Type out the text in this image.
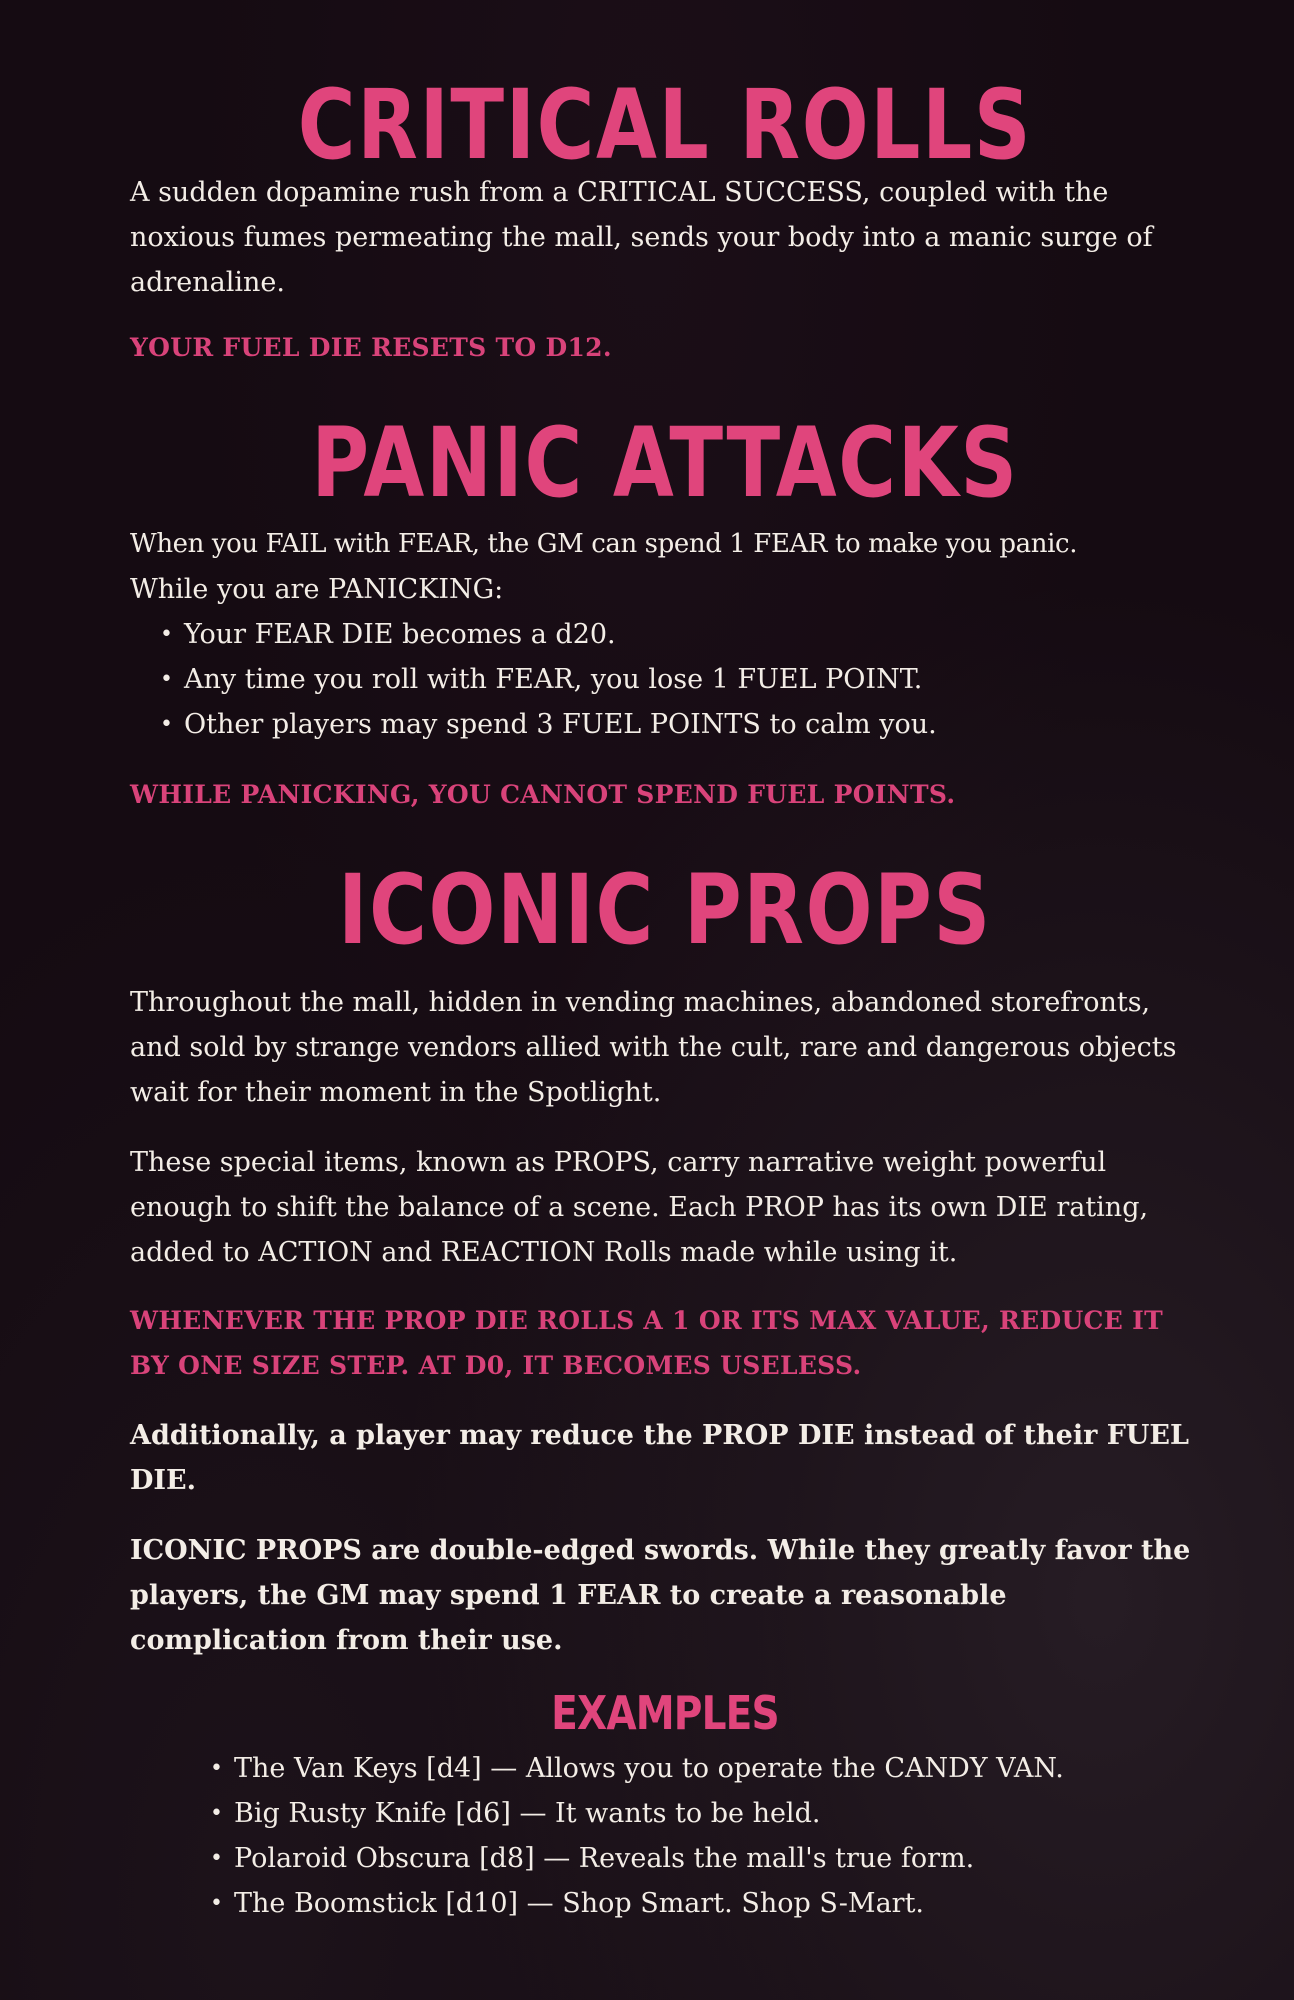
CRITICAL ROLLS

A sudden dopamine rush from a CRITICAL SUCCESS, coupled with the noxious fumes permeating the mall, sends your body into a manic surge of adrenaline.

YOUR FUEL DIE RESETS TO D12.

PANIC ATTACKS

When you FAIL with FEAR, the GM can spend 1 FEAR to make you panic.

While you are PANICKING:

• Your FEAR DIE becomes a d20.
• Any time you roll with FEAR, you lose 1 FUEL POINT.
• Other players may spend 3 FUEL POINTS to calm you.

WHILE PANICKING, YOU CANNOT SPEND FUEL POINTS.

ICONIC PROPS

Throughout the mall, hidden in vending machines, abandoned storefronts, and sold by strange vendors allied with the cult, rare and dangerous objects wait for their moment in the Spotlight.

These special items, known as PROPS, carry narrative weight powerful enough to shift the balance of a scene. Each PROP has its own DIE rating, added to ACTION and REACTION Rolls made while using it.

WHENEVER THE PROP DIE ROLLS A 1 OR ITS MAX VALUE, REDUCE IT BY ONE SIZE STEP. AT D0, IT BECOMES USELESS.

Additionally, a player may reduce the PROP DIE instead of their FUEL DIE.

ICONIC PROPS are double-edged swords. While they greatly favor the players, the GM may spend 1 FEAR to create a reasonable complication from their use.

EXAMPLES
• The Van Keys [d4] — Allows you to operate the CANDY VAN.
• Big Rusty Knife [d6] — It wants to be held.
• Polaroid Obscura [d8] — Reveals the mall's true form.
• The Boomstick [d10] — Shop Smart. Shop S-Mart.
